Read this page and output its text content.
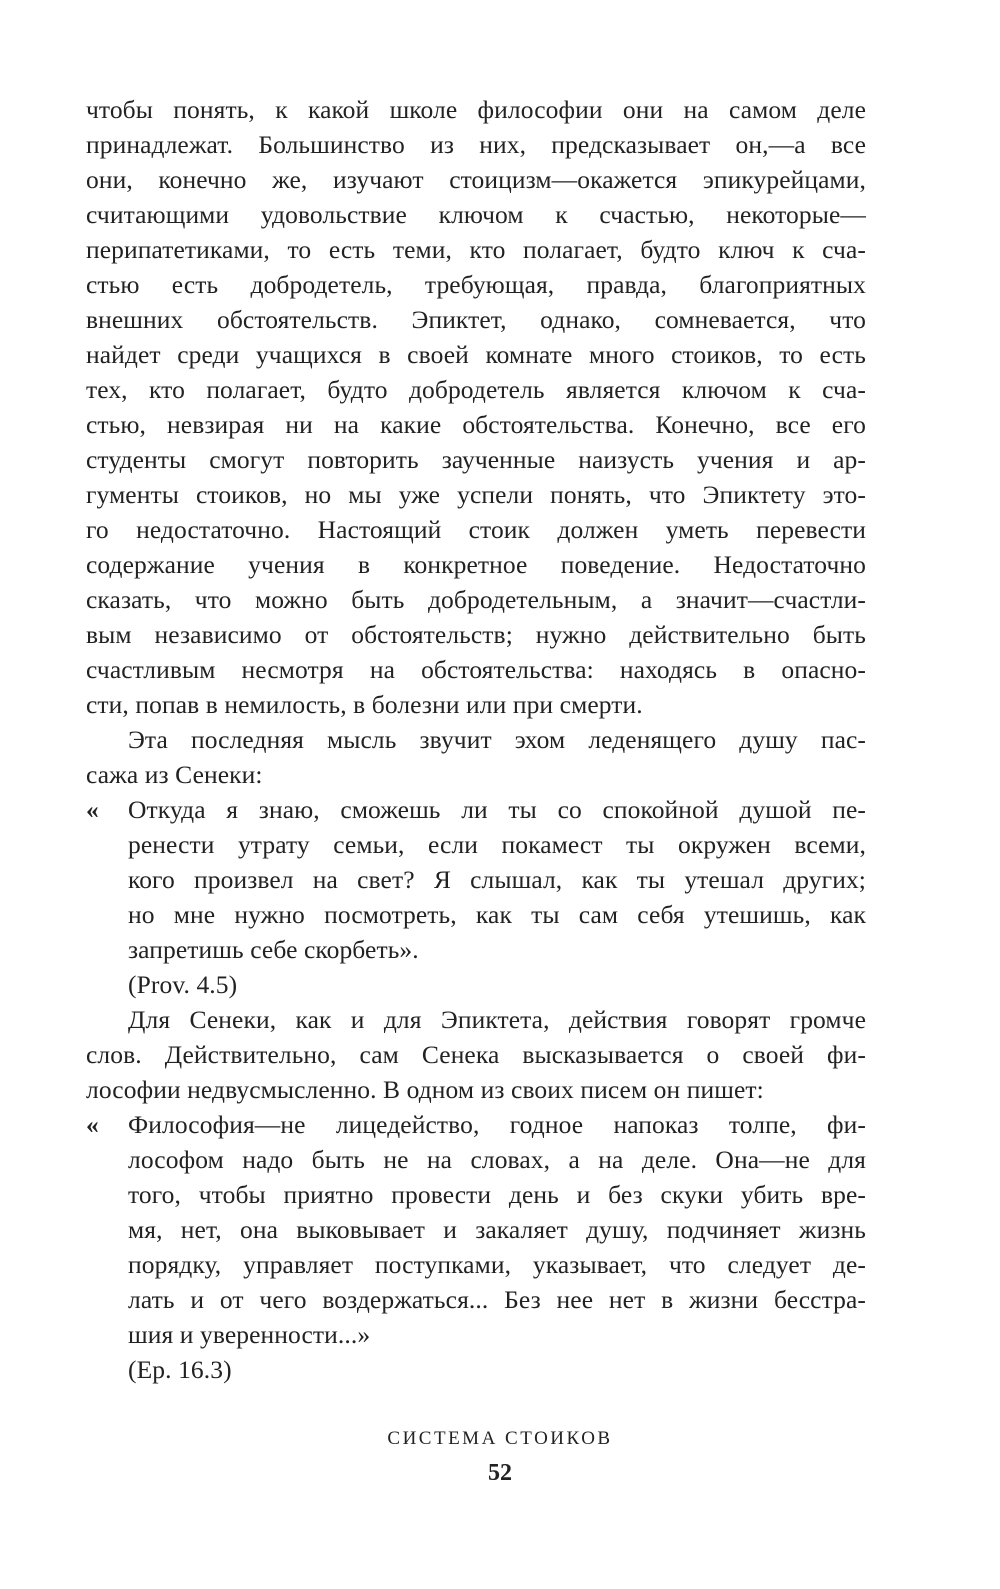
чтобы понять, к какой школе философии они на самом деле
принадлежат. Большинство из них, предсказывает он,—а все
они, конечно же, изучают стоицизм—окажется эпикурейцами,
считающими удовольствие ключом к счастью, некоторые—
перипатетиками, то есть теми, кто полагает, будто ключ к сча-
стью есть добродетель, требующая, правда, благоприятных
внешних обстоятельств. Эпиктет, однако, сомневается, что
найдет среди учащихся в своей комнате много стоиков, то есть
тех, кто полагает, будто добродетель является ключом к сча-
стью, невзирая ни на какие обстоятельства. Конечно, все его
студенты смогут повторить заученные наизусть учения и ар-
гументы стоиков, но мы уже успели понять, что Эпиктету это-
го недостаточно. Настоящий стоик должен уметь перевести
содержание учения в конкретное поведение. Недостаточно
сказать, что можно быть добродетельным, а значит—счастли-
вым независимо от обстоятельств; нужно действительно быть
счастливым несмотря на обстоятельства: находясь в опасно-
сти, попав в немилость, в болезни или при смерти.
Эта последняя мысль звучит эхом леденящего душу пас-
сажа из Сенеки:
« Откуда я знаю, сможешь ли ты со спокойной душой пе-
ренести утрату семьи, если покамест ты окружен всеми,
кого произвел на свет? Я слышал, как ты утешал других;
но мне нужно посмотреть, как ты сам себя утешишь, как
запретишь себе скорбеть».
(Prov. 4.5)
Для Сенеки, как и для Эпиктета, действия говорят громче
слов. Действительно, сам Сенека высказывается о своей фи-
лософии недвусмысленно. В одном из своих писем он пишет:
« Философия—не лицедейство, годное напоказ толпе, фи-
лософом надо быть не на словах, а на деле. Она—не для
того, чтобы приятно провести день и без скуки убить вре-
мя, нет, она выковывает и закаляет душу, подчиняет жизнь
порядку, управляет поступками, указывает, что следует де-
лать и от чего воздержаться... Без нее нет в жизни бесстра-
шия и уверенности...»
(Ep. 16.3)
СИСТЕМА СТОИКОВ
52
